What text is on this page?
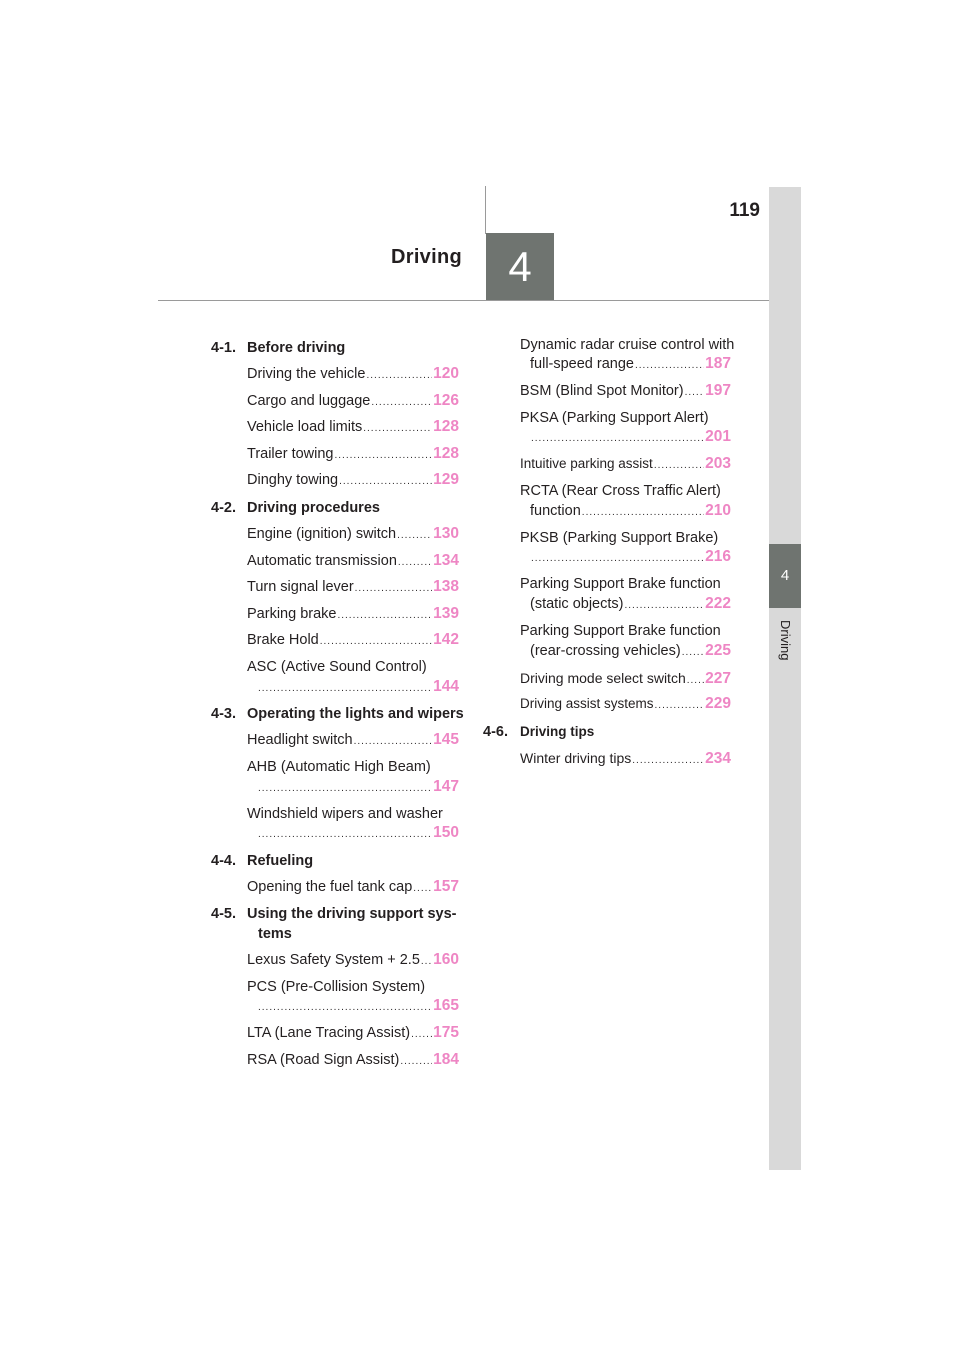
119
Driving	4
4
Driving
4-1. Before driving
Driving the vehicle .....	120
Cargo and luggage .....	126
Vehicle load limits .....	128
Trailer towing .....	128
Dinghy towing .....	129
4-2. Driving procedures
Engine (ignition) switch ..... 130
Automatic transmission ..... 134
Turn signal lever .....	138
Parking brake .....	139
Brake Hold .....	142
ASC (Active Sound Control)
.....
144
4-3. Operating the lights and wipers
Headlight switch .....	145
AHB (Automatic High Beam)
.....
147
Windshield wipers and washer
.....
150
4-4. Refueling
Opening the fuel tank cap ..... 157
4-5. Using the driving support sys-
tems
Lexus Safety System + 2.5 ..... 160
PCS (Pre-Collision System)
.....
165
LTA (Lane Tracing Assist) ..... 175
RSA (Road Sign Assist) ..... 184
Dynamic radar cruise control with
full-speed range .....	187
BSM (Blind Spot Monitor) ..... 197
PKSA (Parking Support Alert)
.....
201
Intuitive parking assist .....	203
RCTA (Rear Cross Traffic Alert)
function .....	210
PKSB (Parking Support Brake)
.....
216
Parking Support Brake function
(static objects) .....	222
Parking Support Brake function
(rear-crossing vehicles) ..... 225
Driving mode select switch ..... 227
Driving assist systems .....	229
4-6. Driving tips
Winter driving tips .....	234
